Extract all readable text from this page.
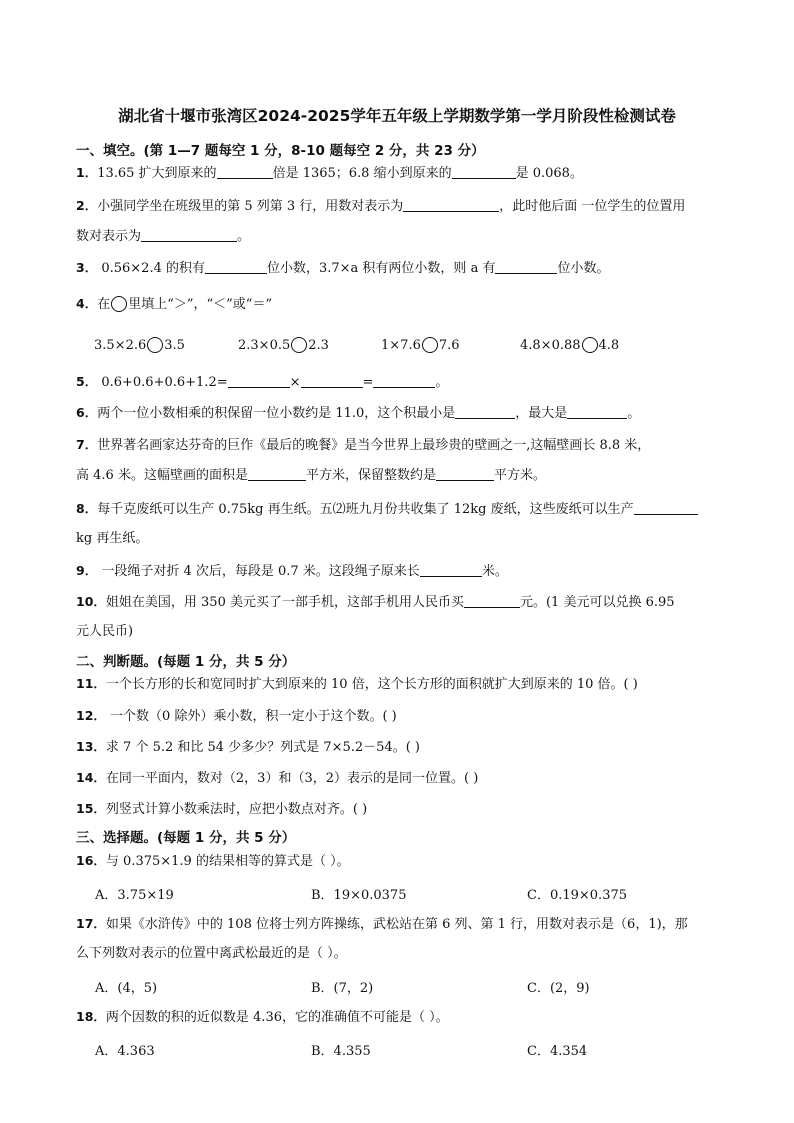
湖北省十堰市张湾区2024-2025学年五年级上学期数学第一学月阶段性检测试卷
一、填空。(第 1—7 题每空 1 分，8-10 题每空 2 分，共 23 分）
1．13.65 扩大到原来的	倍是 1365；6.8 缩小到原来的	是 0.068。
2．小强同学坐在班级里的第 5 列第 3 行，用数对表示为	，此时他后面 一位学生的位置用
数对表示为	。
3． 0.56×2.4 的积有	位小数，3.7×a 积有两位小数，则 a 有	位小数。
4．在 里填上“＞”，“＜”或“＝”
3.5×2.6 3.5	2.3×0.5 2.3	1×7.6 7.6	4.8×0.88 4.8
5． 0.6+0.6+0.6+1.2=	×	=	。
6．两个一位小数相乘的积保留一位小数约是 11.0，这个积最小是	，最大是	。
7．世界著名画家达芬奇的巨作《最后的晚餐》是当今世界上最珍贵的壁画之一,这幅壁画长 8.8 米，
高 4.6 米。这幅壁画的面积是	平方米，保留整数约是	平方米。
8．每千克废纸可以生产 0.75kg 再生纸。五⑵班九月份共收集了 12kg 废纸，这些废纸可以生产
kg 再生纸。
9． 一段绳子对折 4 次后，每段是 0.7 米。这段绳子原来长	米。
10．姐姐在美国，用 350 美元买了一部手机，这部手机用人民币买	元。(1 美元可以兑换 6.95
元人民币)
二、判断题。(每题 1 分，共 5 分）
11．一个长方形的长和宽同时扩大到原来的 10 倍，这个长方形的面积就扩大到原来的 10 倍。( )
12． 一个数（0 除外）乘小数，积一定小于这个数。( )
13．求 7 个 5.2 和比 54 少多少？列式是 7×5.2－54。( )
14．在同一平面内，数对（2，3）和（3，2）表示的是同一位置。( )
15．列竖式计算小数乘法时，应把小数点对齐。( )
三、选择题。(每题 1 分，共 5 分）
16．与 0.375×1.9 的结果相等的算式是（ ）。
A．3.75×19	B．19×0.0375	C．0.19×0.375
17．如果《水浒传》中的 108 位将士列方阵操练，武松站在第 6 列、第 1 行，用数对表示是（6，1)，那
么下列数对表示的位置中离武松最近的是（ ）。
A．(4，5)	B．(7，2)	C．(2，9)
18．两个因数的积的近似数是 4.36，它的准确值不可能是（ ）。
A．4.363	B．4.355	C．4.354
